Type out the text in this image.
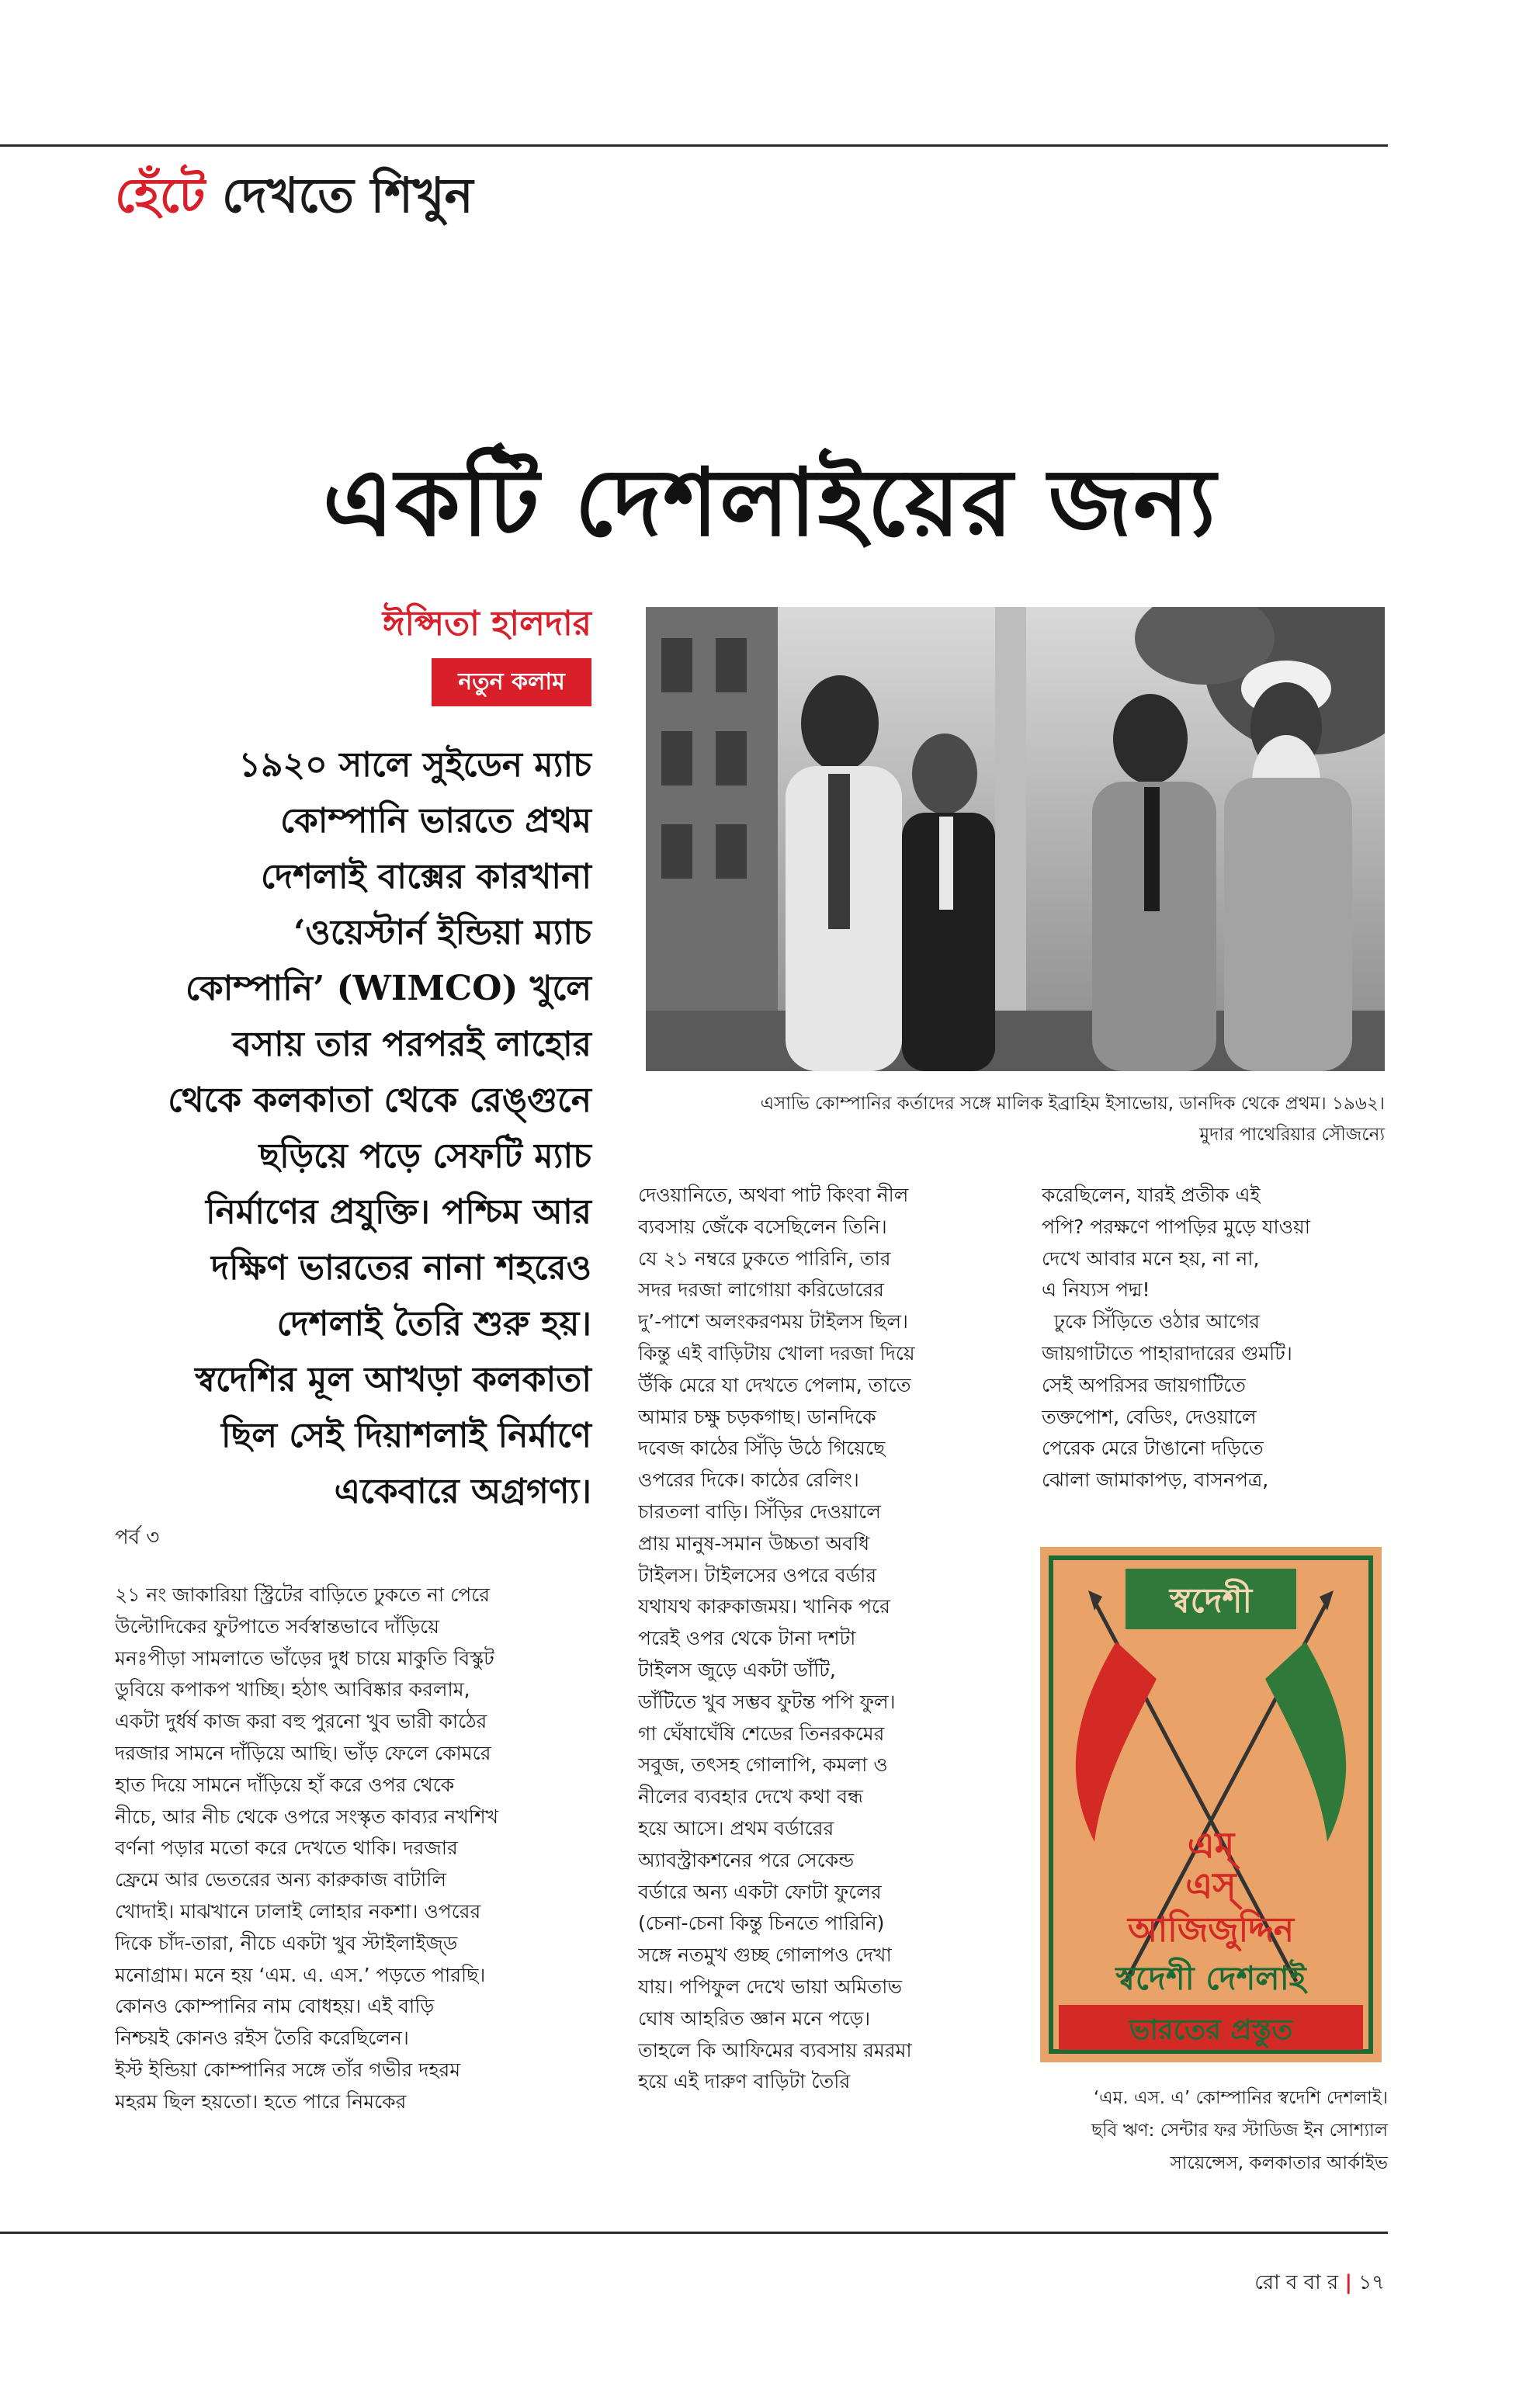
হেঁটে দেখতে শিখুন
একটি দেশলাইয়ের জন্য
ঈপ্সিতা হালদার
নতুন কলাম
১৯২০ সালে সুইডেন ম্যাচ
কোম্পানি ভারতে প্রথম
দেশলাই বাক্সের কারখানা
‘ওয়েস্টার্ন ইন্ডিয়া ম্যাচ
কোম্পানি’ (WIMCO) খুলে
বসায় তার পরপরই লাহোর
থেকে কলকাতা থেকে রেঙ্গুনে
ছড়িয়ে পড়ে সেফটি ম্যাচ
নির্মাণের প্রযুক্তি। পশ্চিম আর
দক্ষিণ ভারতের নানা শহরেও
দেশলাই তৈরি শুরু হয়।
স্বদেশির মূল আখড়া কলকাতা
ছিল সেই দিয়াশলাই নির্মাণে
একেবারে অগ্রগণ্য।
এসাভি কোম্পানির কর্তাদের সঙ্গে মালিক ইব্রাহিম ইসাভোয়, ডানদিক থেকে প্রথম। ১৯৬২।
মুদার পাথেরিয়ার সৌজন্যে
পর্ব ৩
২১ নং জাকারিয়া স্ট্রিটের বাড়িতে ঢুকতে না পেরে
উল্টোদিকের ফুটপাতে সর্বস্বান্তভাবে দাঁড়িয়ে
মনঃপীড়া সামলাতে ভাঁড়ের দুধ চায়ে মাকুতি বিস্কুট
ডুবিয়ে কপাকপ খাচ্ছি। হঠাৎ আবিষ্কার করলাম,
একটা দুর্ধর্ষ কাজ করা বহু পুরনো খুব ভারী কাঠের
দরজার সামনে দাঁড়িয়ে আছি। ভাঁড় ফেলে কোমরে
হাত দিয়ে সামনে দাঁড়িয়ে হাঁ করে ওপর থেকে
নীচে, আর নীচ থেকে ওপরে সংস্কৃত কাব্যর নখশিখ
বর্ণনা পড়ার মতো করে দেখতে থাকি। দরজার
ফ্রেমে আর ভেতরের অন্য কারুকাজ বাটালি
খোদাই। মাঝখানে ঢালাই লোহার নকশা। ওপরের
দিকে চাঁদ-তারা, নীচে একটা খুব স্টাইলাইজ্‌ড
মনোগ্রাম। মনে হয় ‘এম. এ. এস.’ পড়তে পারছি।
কোনও কোম্পানির নাম বোধহয়। এই বাড়ি
নিশ্চয়ই কোনও রইস তৈরি করেছিলেন।
ইস্ট ইন্ডিয়া কোম্পানির সঙ্গে তাঁর গভীর দহরম
মহরম ছিল হয়তো। হতে পারে নিমকের
দেওয়ানিতে, অথবা পাট কিংবা নীল
ব্যবসায় জেঁকে বসেছিলেন তিনি।
যে ২১ নম্বরে ঢুকতে পারিনি, তার
সদর দরজা লাগোয়া করিডোরের
দু’-পাশে অলংকরণময় টাইলস ছিল।
কিন্তু এই বাড়িটায় খোলা দরজা দিয়ে
উঁকি মেরে যা দেখতে পেলাম, তাতে
আমার চক্ষু চড়কগাছ। ডানদিকে
দবেজ কাঠের সিঁড়ি উঠে গিয়েছে
ওপরের দিকে। কাঠের রেলিং।
চারতলা বাড়ি। সিঁড়ির দেওয়ালে
প্রায় মানুষ-সমান উচ্চতা অবধি
টাইলস। টাইলসের ওপরে বর্ডার
যথাযথ কারুকাজময়। খানিক পরে
পরেই ওপর থেকে টানা দশটা
টাইলস জুড়ে একটা ডাঁটি,
ডাঁটিতে খুব সম্ভব ফুটন্ত পপি ফুল।
গা ঘেঁষাঘেঁষি শেডের তিনরকমের
সবুজ, তৎসহ গোলাপি, কমলা ও
নীলের ব্যবহার দেখে কথা বন্ধ
হয়ে আসে। প্রথম বর্ডারের
অ্যাবস্ট্রাকশনের পরে সেকেন্ড
বর্ডারে অন্য একটা ফোটা ফুলের
(চেনা-চেনা কিন্তু চিনতে পারিনি)
সঙ্গে নতমুখ গুচ্ছ গোলাপও দেখা
যায়। পপিফুল দেখে ভায়া অমিতাভ
ঘোষ আহরিত জ্ঞান মনে পড়ে।
তাহলে কি আফিমের ব্যবসায় রমরমা
হয়ে এই দারুণ বাড়িটা তৈরি
করেছিলেন, যারই প্রতীক এই
পপি? পরক্ষণে পাপড়ির মুড়ে যাওয়া
দেখে আবার মনে হয়, না না,
এ নিয্যস পদ্ম!
ঢুকে সিঁড়িতে ওঠার আগের
জায়গাটাতে পাহারাদারের গুমটি।
সেই অপরিসর জায়গাটিতে
তক্তপোশ, বেডিং, দেওয়ালে
পেরেক মেরে টাঙানো দড়িতে
ঝোলা জামাকাপড়, বাসনপত্র,
স্বদেশী
এম্‌
এস্‌
আজিজুদ্দিন
স্বদেশী দেশলাই
ভারতের প্রস্তুত
‘এম. এস. এ’ কোম্পানির স্বদেশি দেশলাই।
ছবি ঋণ: সেন্টার ফর স্টাডিজ ইন সোশ্যাল
সায়েন্সেস, কলকাতার আর্কাইভ
রো ব বা র | ১৭
